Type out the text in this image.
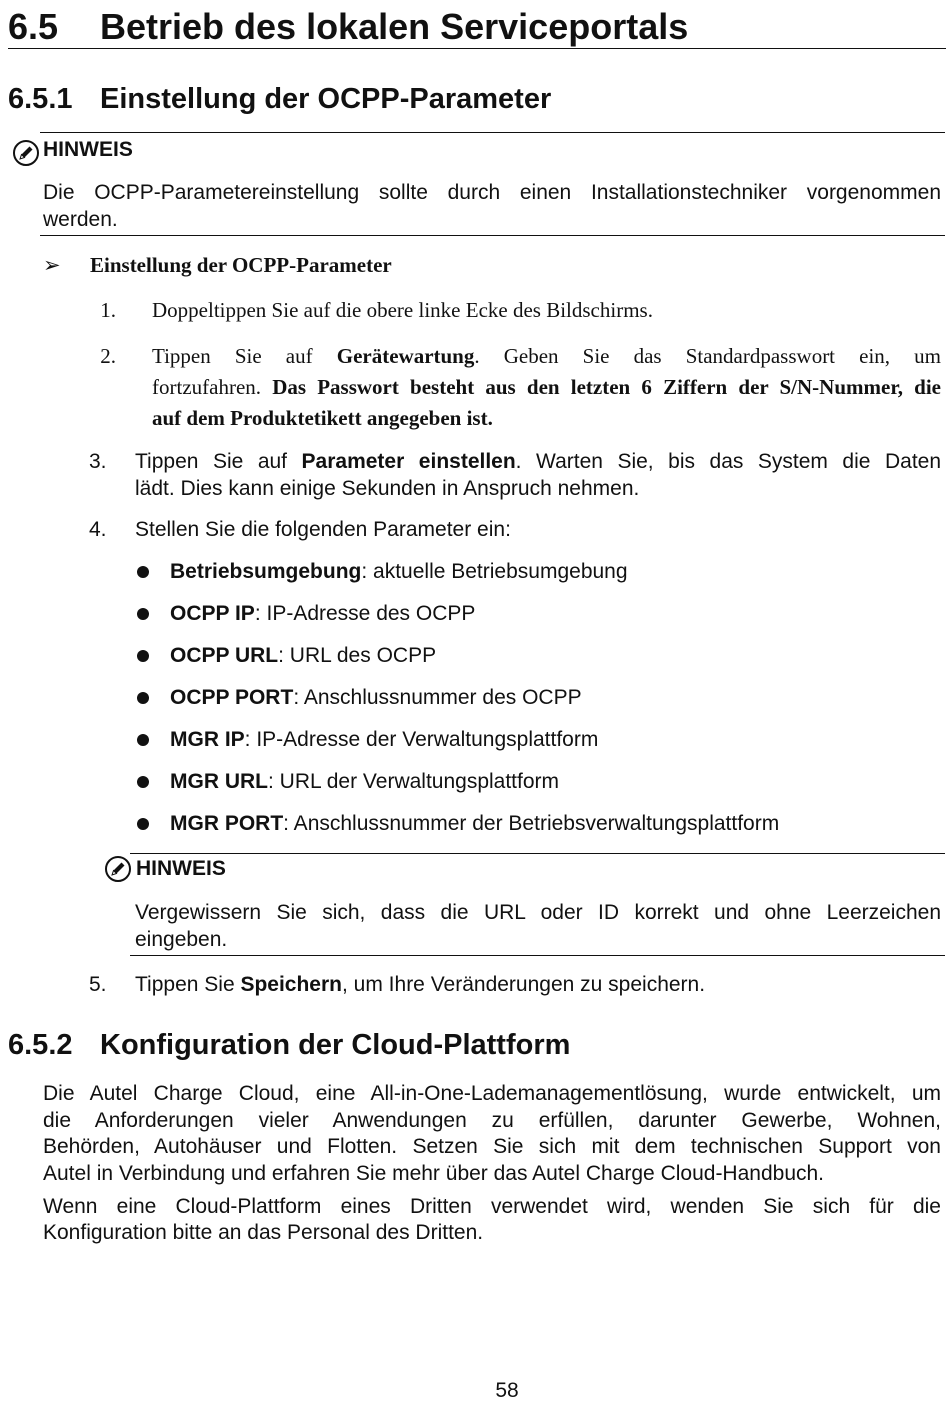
6.5 Betrieb des lokalen Serviceportals
6.5.1 Einstellung der OCPP-Parameter
HINWEIS
Die OCPP-Parametereinstellung sollte durch einen Installationstechniker vorgenommen
werden.
➢ Einstellung der OCPP-Parameter
1. Doppeltippen Sie auf die obere linke Ecke des Bildschirms.
2. Tippen Sie auf Gerätewartung. Geben Sie das Standardpasswort ein, um
fortzufahren. Das Passwort besteht aus den letzten 6 Ziffern der S/N-Nummer, die
auf dem Produktetikett angegeben ist.
3. Tippen Sie auf Parameter einstellen. Warten Sie, bis das System die Daten
lädt. Dies kann einige Sekunden in Anspruch nehmen.
4. Stellen Sie die folgenden Parameter ein:
Betriebsumgebung: aktuelle Betriebsumgebung
OCPP IP: IP-Adresse des OCPP
OCPP URL: URL des OCPP
OCPP PORT: Anschlussnummer des OCPP
MGR IP: IP-Adresse der Verwaltungsplattform
MGR URL: URL der Verwaltungsplattform
MGR PORT: Anschlussnummer der Betriebsverwaltungsplattform
HINWEIS
Vergewissern Sie sich, dass die URL oder ID korrekt und ohne Leerzeichen
eingeben.
5. Tippen Sie Speichern, um Ihre Veränderungen zu speichern.
6.5.2 Konfiguration der Cloud-Plattform
Die Autel Charge Cloud, eine All-in-One-Lademanagementlösung, wurde entwickelt, um
die Anforderungen vieler Anwendungen zu erfüllen, darunter Gewerbe, Wohnen,
Behörden, Autohäuser und Flotten. Setzen Sie sich mit dem technischen Support von
Autel in Verbindung und erfahren Sie mehr über das Autel Charge Cloud-Handbuch.
Wenn eine Cloud-Plattform eines Dritten verwendet wird, wenden Sie sich für die
Konfiguration bitte an das Personal des Dritten.
58
